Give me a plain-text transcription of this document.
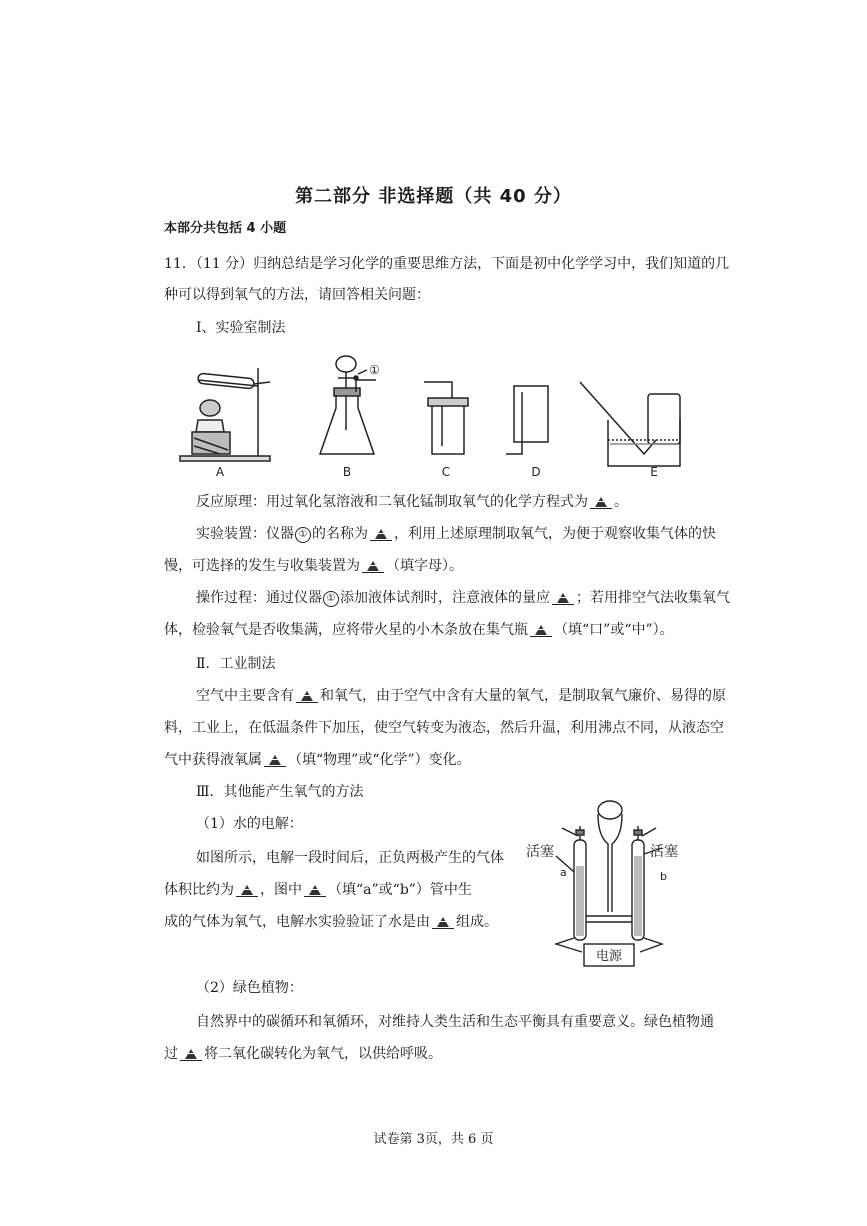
第二部分 非选择题（共 40 分）
本部分共包括 4 小题
11．（11 分）归纳总结是学习化学的重要思维方法，下面是初中化学学习中，我们知道的几
种可以得到氧气的方法，请回答相关问题：
Ⅰ、实验室制法
①
A	B	C	D	E
反应原理：用过氧化氢溶液和二氧化锰制取氧气的化学方程式为 。
实验装置：仪器 ① 的名称为 ，利用上述原理制取氧气，为便于观察收集气体的快
慢，可选择的发生与收集装置为 （填字母）。
操作过程：通过仪器 ① 添加液体试剂时，注意液体的量应 ；若用排空气法收集氧气
体，检验氧气是否收集满，应将带火星的小木条放在集气瓶 （填“口”或“中”）。
Ⅱ．工业制法
空气中主要含有 和氧气，由于空气中含有大量的氧气，是制取氧气廉价、易得的原
料，工业上，在低温条件下加压，使空气转变为液态，然后升温，利用沸点不同，从液态空
气中获得液氧属 （填“物理”或“化学”）变化。
Ⅲ．其他能产生氧气的方法
（1）水的电解：
如图所示，电解一段时间后，正负两极产生的气体
体积比约为 ，图中 （填“a”或“b”）管中生
成的气体为氧气，电解水实验验证了水是由 组成。
活塞	活塞
a	b
电源
（2）绿色植物：
自然界中的碳循环和氧循环，对维持人类生活和生态平衡具有重要意义。绿色植物通
过 将二氧化碳转化为氧气，以供给呼吸。
试卷第 3页，共 6 页
